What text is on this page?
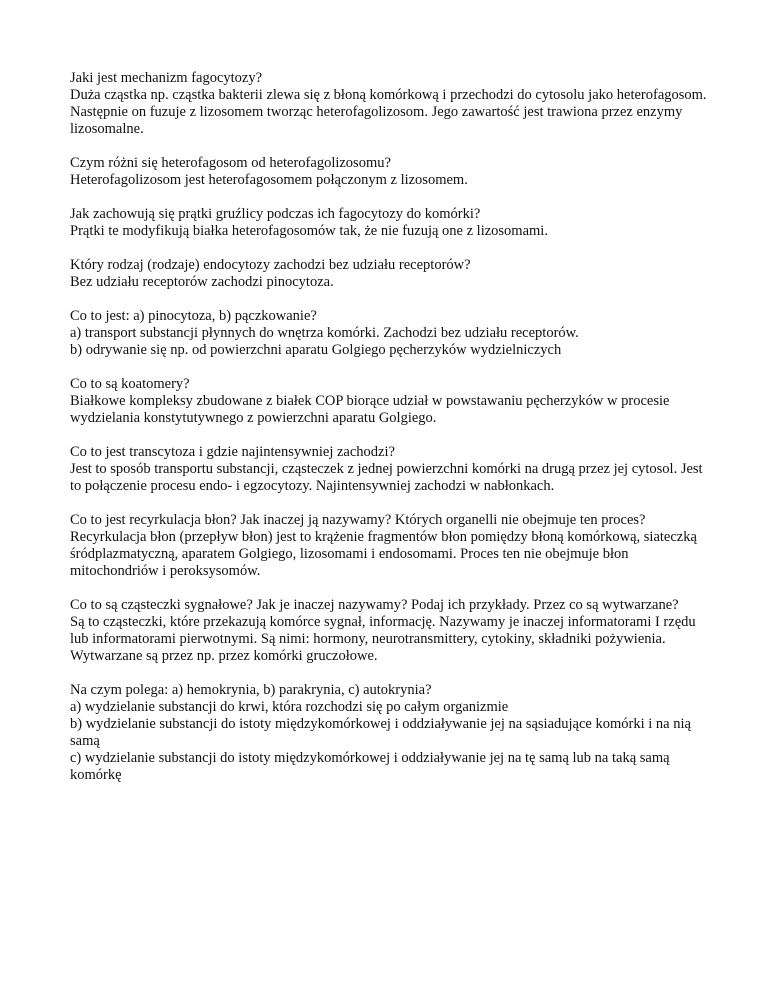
Jaki jest mechanizm fagocytozy?

Duża cząstka np. cząstka bakterii zlewa się z błoną komórkową i przechodzi do cytosolu jako heterofagosom. Następnie on fuzuje z lizosomem tworząc heterofagolizosom. Jego zawartość jest trawiona przez enzymy lizosomalne.

Czym różni się heterofagosom od heterofagolizosomu?

Heterofagolizosom jest heterofagosomem połączonym z lizosomem.

Jak zachowują się prątki gruźlicy podczas ich fagocytozy do komórki?

Prątki te modyfikują białka heterofagosomów tak, że nie fuzują one z lizosomami.

Który rodzaj (rodzaje) endocytozy zachodzi bez udziału receptorów?

Bez udziału receptorów zachodzi pinocytoza.

Co to jest: a) pinocytoza, b) pączkowanie?

a) transport substancji płynnych do wnętrza komórki. Zachodzi bez udziału receptorów.

b) odrywanie się np. od powierzchni aparatu Golgiego pęcherzyków wydzielniczych

Co to są koatomery?

Białkowe kompleksy zbudowane z białek COP biorące udział w powstawaniu pęcherzyków w procesie wydzielania konstytutywnego z powierzchni aparatu Golgiego.

Co to jest transcytoza i gdzie najintensywniej zachodzi?

Jest to sposób transportu substancji, cząsteczek z jednej powierzchni komórki na drugą przez jej cytosol. Jest to połączenie procesu endo- i egzocytozy. Najintensywniej zachodzi w nabłonkach.

Co to jest recyrkulacja błon? Jak inaczej ją nazywamy? Których organelli nie obejmuje ten proces?

Recyrkulacja błon (przepływ błon) jest to krążenie fragmentów błon pomiędzy błoną komórkową, siateczką śródplazmatyczną, aparatem Golgiego, lizosomami i endosomami. Proces ten nie obejmuje błon mitochondriów i peroksysomów.

Co to są cząsteczki sygnałowe? Jak je inaczej nazywamy? Podaj ich przykłady. Przez co są wytwarzane?

Są to cząsteczki, które przekazują komórce sygnał, informację. Nazywamy je inaczej informatorami I rzędu lub informatorami pierwotnymi. Są nimi: hormony, neurotransmittery, cytokiny, składniki pożywienia. Wytwarzane są przez np. przez komórki gruczołowe.

Na czym polega: a) hemokrynia, b) parakrynia, c) autokrynia?

a) wydzielanie substancji do krwi, która rozchodzi się po całym organizmie

b) wydzielanie substancji do istoty międzykomórkowej i oddziaływanie jej na sąsiadujące komórki i na nią samą

c) wydzielanie substancji do istoty międzykomórkowej i oddziaływanie jej na tę samą lub na taką samą komórkę
